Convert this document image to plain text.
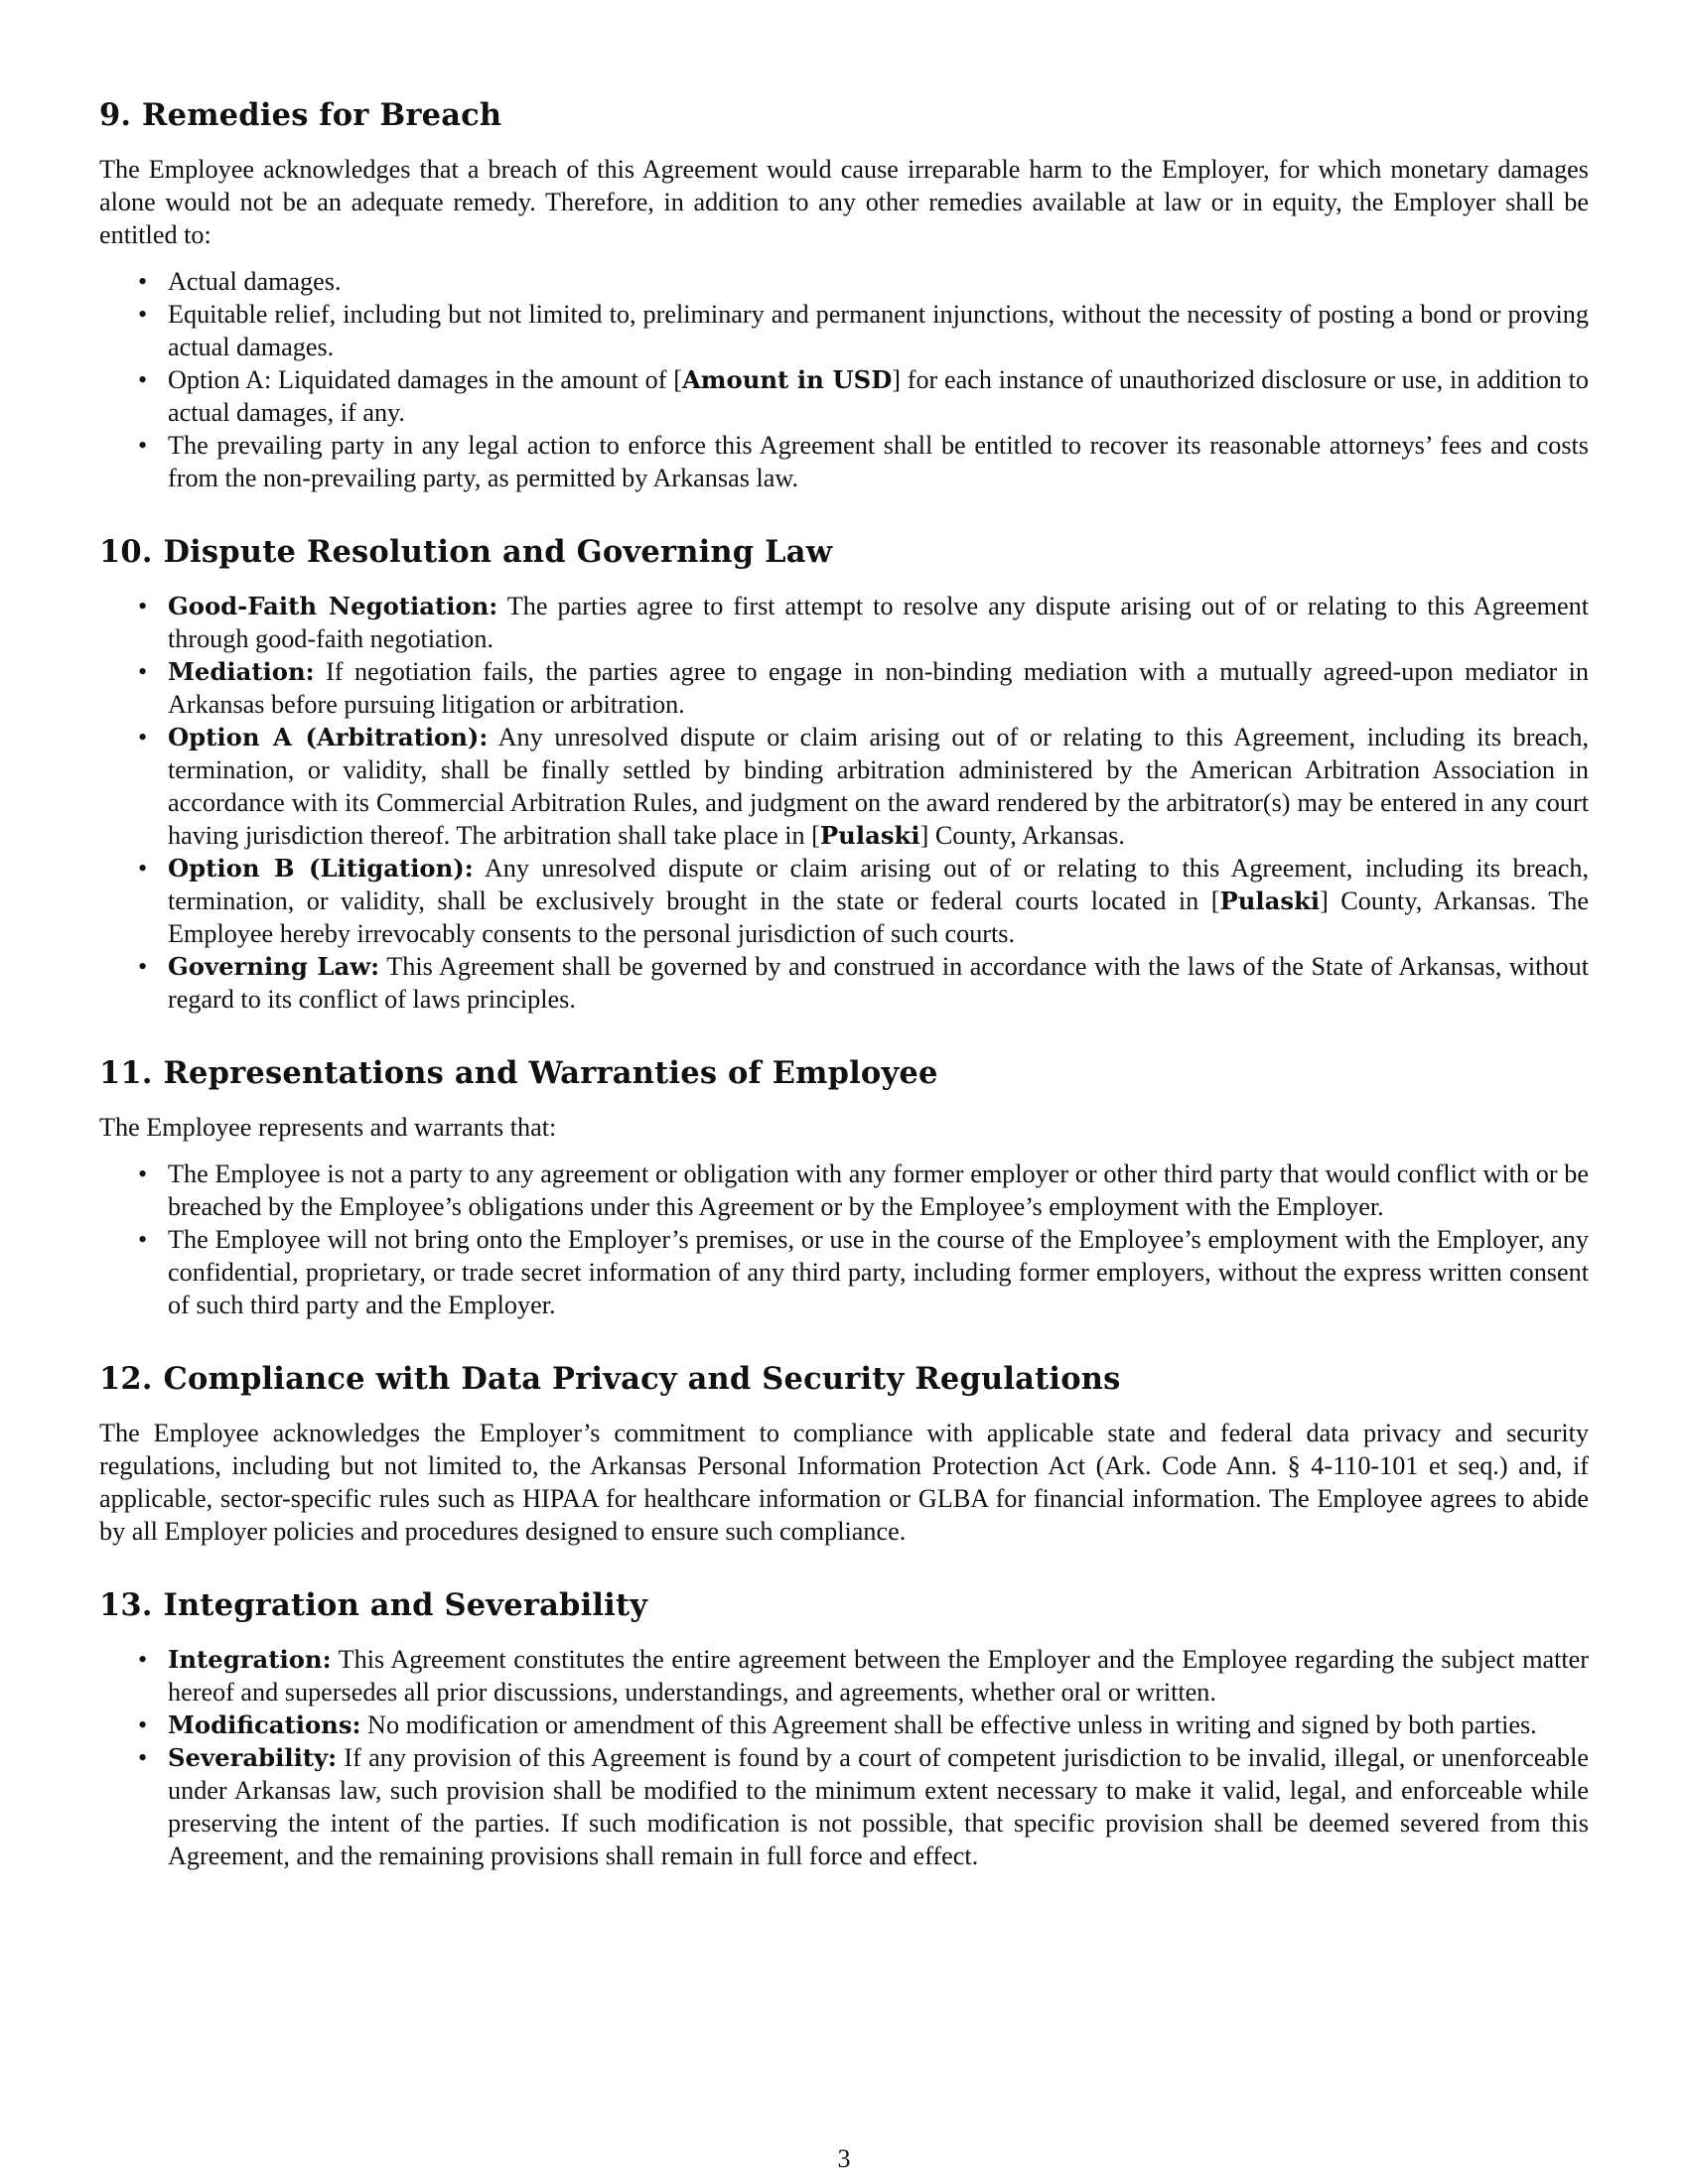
9. Remedies for Breach

The Employee acknowledges that a breach of this Agreement would cause irreparable harm to the Employer, for which monetary damages alone would not be an adequate remedy. Therefore, in addition to any other remedies available at law or in equity, the Employer shall be entitled to:

• Actual damages.
• Equitable relief, including but not limited to, preliminary and permanent injunctions, without the necessity of posting a bond or proving actual damages.
• Option A: Liquidated damages in the amount of [Amount in USD] for each instance of unauthorized disclosure or use, in addition to actual damages, if any.
• The prevailing party in any legal action to enforce this Agreement shall be entitled to recover its reasonable attorneys’ fees and costs from the non-prevailing party, as permitted by Arkansas law.
10. Dispute Resolution and Governing Law
• Good-Faith Negotiation: The parties agree to first attempt to resolve any dispute arising out of or relating to this Agreement through good-faith negotiation.
• Mediation: If negotiation fails, the parties agree to engage in non-binding mediation with a mutually agreed-upon mediator in Arkansas before pursuing litigation or arbitration.
• Option A (Arbitration): Any unresolved dispute or claim arising out of or relating to this Agreement, including its breach, termination, or validity, shall be finally settled by binding arbitration administered by the American Arbitration Association in accordance with its Commercial Arbitration Rules, and judgment on the award rendered by the arbitrator(s) may be entered in any court having jurisdiction thereof. The arbitration shall take place in [Pulaski] County, Arkansas.
• Option B (Litigation): Any unresolved dispute or claim arising out of or relating to this Agreement, including its breach, termination, or validity, shall be exclusively brought in the state or federal courts located in [Pulaski] County, Arkansas. The Employee hereby irrevocably consents to the personal jurisdiction of such courts.
• Governing Law: This Agreement shall be governed by and construed in accordance with the laws of the State of Arkansas, without regard to its conflict of laws principles.
11. Representations and Warranties of Employee

The Employee represents and warrants that:

• The Employee is not a party to any agreement or obligation with any former employer or other third party that would conflict with or be breached by the Employee’s obligations under this Agreement or by the Employee’s employment with the Employer.
• The Employee will not bring onto the Employer’s premises, or use in the course of the Employee’s employment with the Employer, any confidential, proprietary, or trade secret information of any third party, including former employers, without the express written consent of such third party and the Employer.
12. Compliance with Data Privacy and Security Regulations

The Employee acknowledges the Employer’s commitment to compliance with applicable state and federal data privacy and security regulations, including but not limited to, the Arkansas Personal Information Protection Act (Ark. Code Ann. § 4-110-101 et seq.) and, if applicable, sector-specific rules such as HIPAA for healthcare information or GLBA for financial information. The Employee agrees to abide by all Employer policies and procedures designed to ensure such compliance.

13. Integration and Severability
• Integration: This Agreement constitutes the entire agreement between the Employer and the Employee regarding the subject matter hereof and supersedes all prior discussions, understandings, and agreements, whether oral or written.
• Modifications: No modification or amendment of this Agreement shall be effective unless in writing and signed by both parties.
• Severability: If any provision of this Agreement is found by a court of competent jurisdiction to be invalid, illegal, or unenforceable under Arkansas law, such provision shall be modified to the minimum extent necessary to make it valid, legal, and enforceable while preserving the intent of the parties. If such modification is not possible, that specific provision shall be deemed severed from this Agreement, and the remaining provisions shall remain in full force and effect.
3
